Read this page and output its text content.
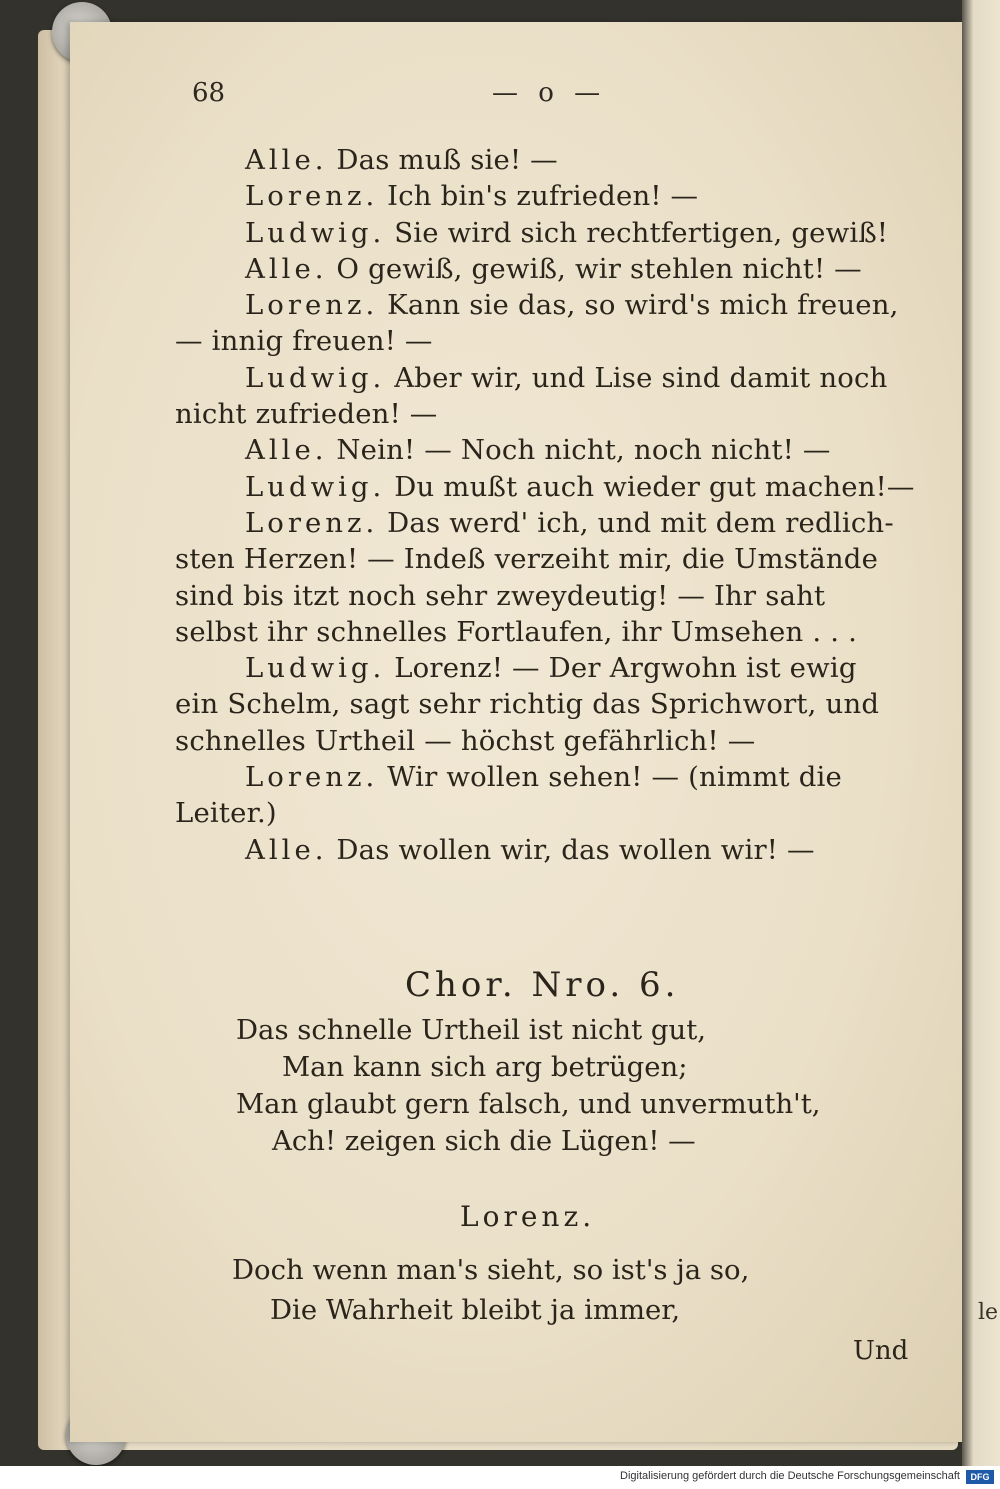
le
68	— o —
Alle. Das muß sie! —
Lorenz. Ich bin's zufrieden! —
Ludwig. Sie wird sich rechtfertigen, gewiß!
Alle. O gewiß, gewiß, wir stehlen nicht! —
Lorenz. Kann sie das, so wird's mich freuen,
— innig freuen! —
Ludwig. Aber wir, und Lise sind damit noch
nicht zufrieden! —
Alle. Nein! — Noch nicht, noch nicht! —
Ludwig. Du mußt auch wieder gut machen!—
Lorenz. Das werd' ich, und mit dem redlich-
sten Herzen! — Indeß verzeiht mir, die Umstände
sind bis itzt noch sehr zweydeutig! — Ihr saht
selbst ihr schnelles Fortlaufen, ihr Umsehen . . .
Ludwig. Lorenz! — Der Argwohn ist ewig
ein Schelm, sagt sehr richtig das Sprichwort, und
schnelles Urtheil — höchst gefährlich! —
Lorenz. Wir wollen sehen! — (nimmt die
Leiter.)
Alle. Das wollen wir, das wollen wir! —
Chor. Nro. 6.
Das schnelle Urtheil ist nicht gut,
Man kann sich arg betrügen;
Man glaubt gern falsch, und unvermuth't,
Ach! zeigen sich die Lügen! —
Lorenz.
Doch wenn man's sieht, so ist's ja so,
Die Wahrheit bleibt ja immer,
Und
Digitalisierung gefördert durch die Deutsche Forschungsgemeinschaft	DFG
